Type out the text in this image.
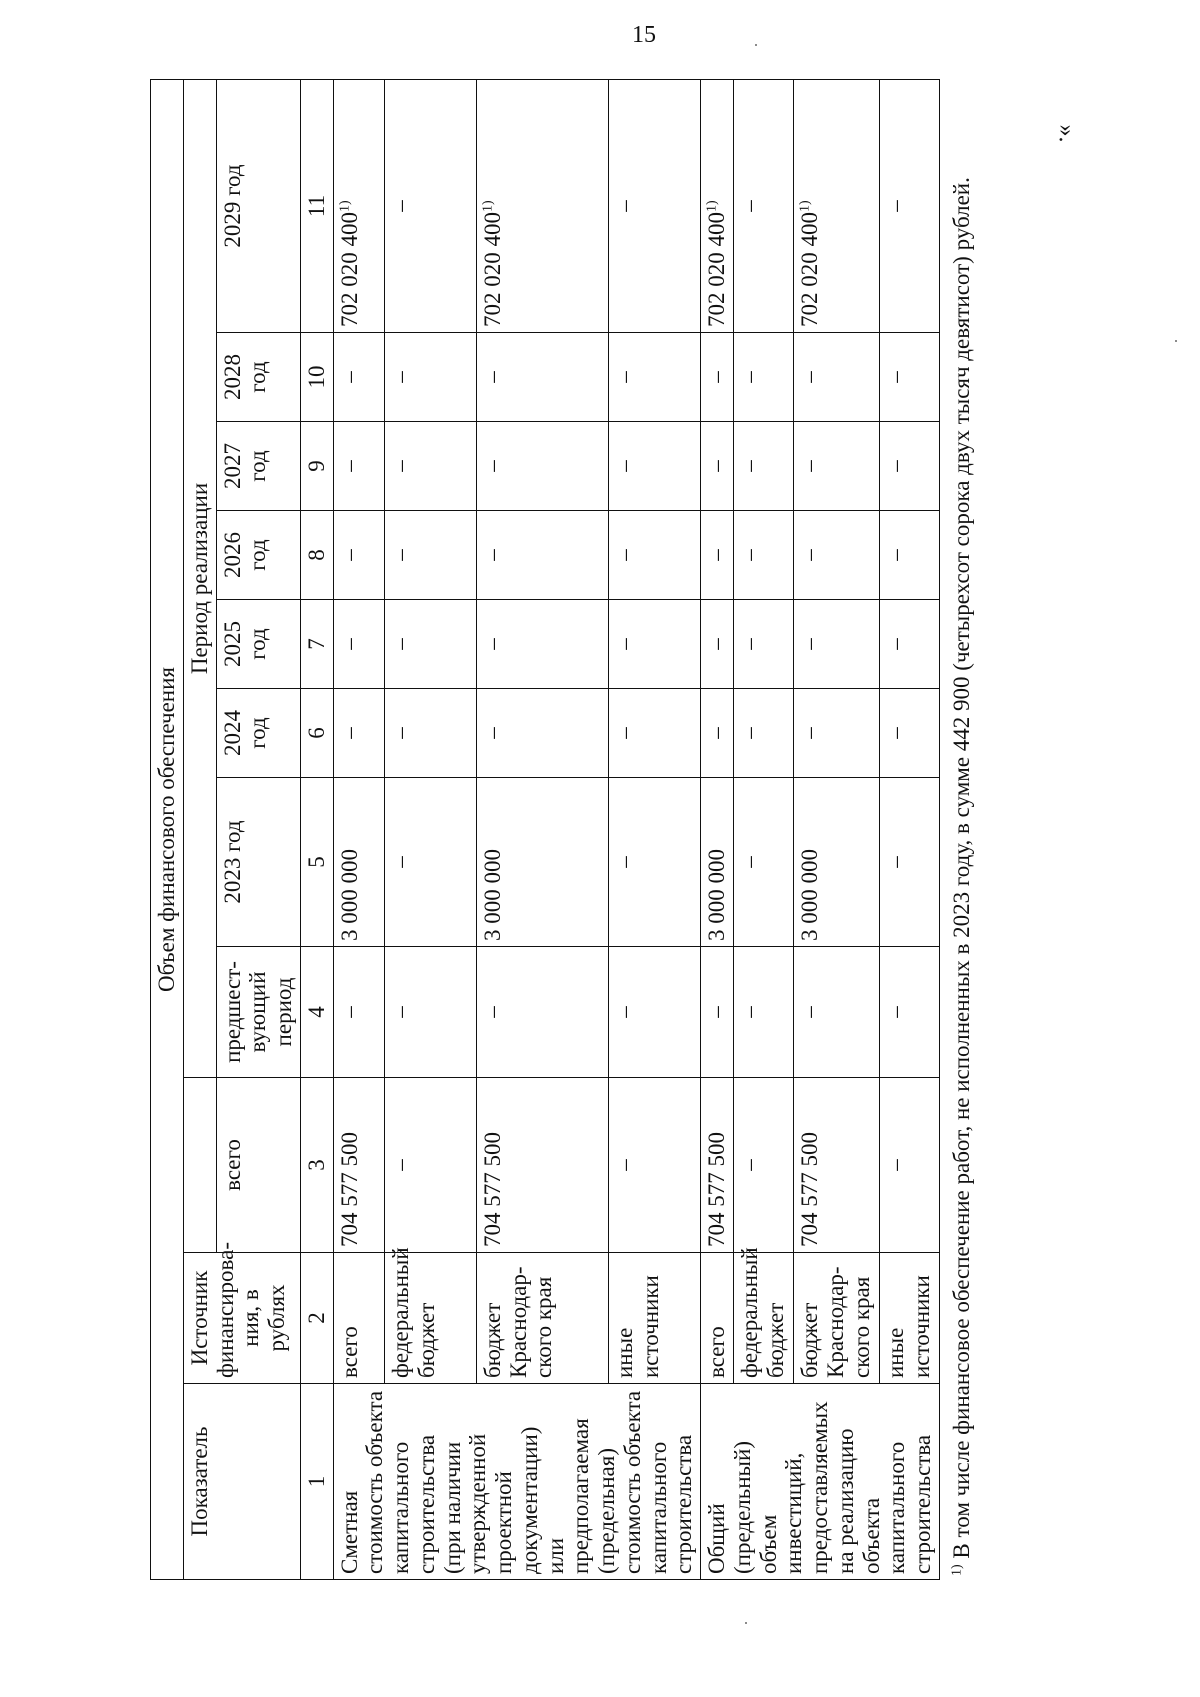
15
».
Объем финансового обеспечения										
Показатель	Источник финансирова-ния, в рублях		Период реализации							

		всего	предшест-вующий период	2023 год	2024 год	2025 год	2026 год	2027 год	2028 год	2029 год
1	2	3	4	5	6	7	8	9	10	11
Сметная стоимость объекта капитального строительства (при наличии утвержденной проектной документации) или предполагаемая (предельная) стоимость объекта капитального строительства	всего	704 577 500	–	3 000 000	–	–	–	–	–	702 020 400$^{1)}$
	федеральный бюджет	–	–	–	–	–	–	–	–	–
	бюджет Краснодар-ского края	704 577 500	–	3 000 000	–	–	–	–	–	702 020 400$^{1)}$
	иные источники	–	–	–	–	–	–	–	–	–
Общий (предельный) объем инвестиций, предоставляемых на реализацию объекта капитального строительства	всего	704 577 500	–	3 000 000	–	–	–	–	–	702 020 400$^{1)}$
	федеральный бюджет	–	–	–	–	–	–	–	–	–
	бюджет Краснодар-ского края	704 577 500	–	3 000 000	–	–	–	–	–	702 020 400$^{1)}$
	иные источники	–	–	–	–	–	–	–	–	–
$^{1)}$ В том числе финансовое обеспечение работ, не исполненных в 2023 году, в сумме 442 900 (четырехсот сорока двух тысяч девятисот) рублей.
